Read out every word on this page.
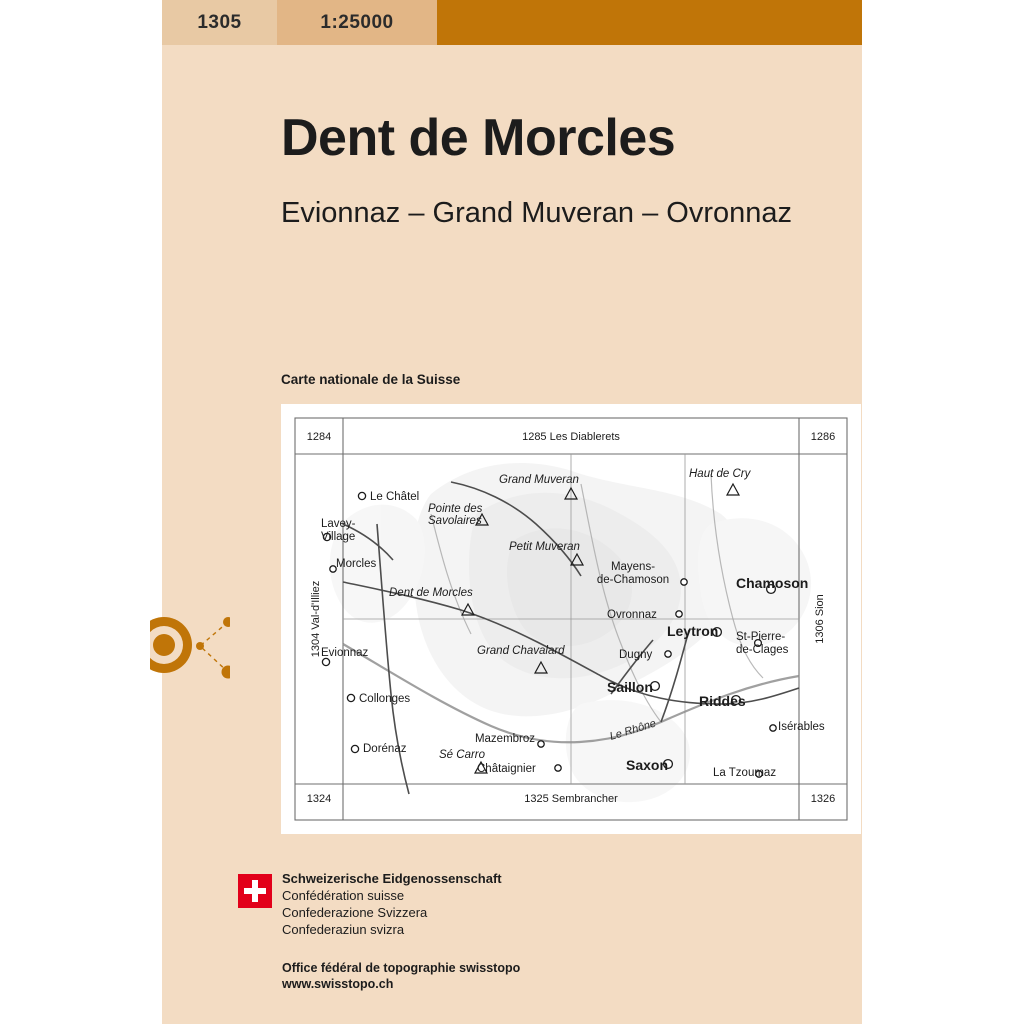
1305	1:25000
Dent de Morcles
Evionnaz – Grand Muveran – Ovronnaz
Carte nationale de la Suisse
1284	1285 Les Diablerets	1286
1324	1325 Sembrancher	1326
1304 Val-d'Illiez	1306 Sion
Le Rhône
Le Châtel
Lavey-
Village
Morcles
Evionnaz
Collonges
Dorénaz
Châtaignier
Mazembroz
Saxon
Saillon
Riddes
Isérables
La Tzoumaz
Leytron St-Pierre-
de-Clages
Dugny
Ovronnaz
Mayens-
de-Chamoson	Chamoson
Haut de Cry
Grand Muveran
Petit Muveran
Pointe des
Savolaires
Dent de Morcles
Grand Chavalard
Sé Carro
Schweizerische Eidgenossenschaft
Confédération suisse
Confederazione Svizzera
Confederaziun svizra
Office fédéral de topographie swisstopo
www.swisstopo.ch
